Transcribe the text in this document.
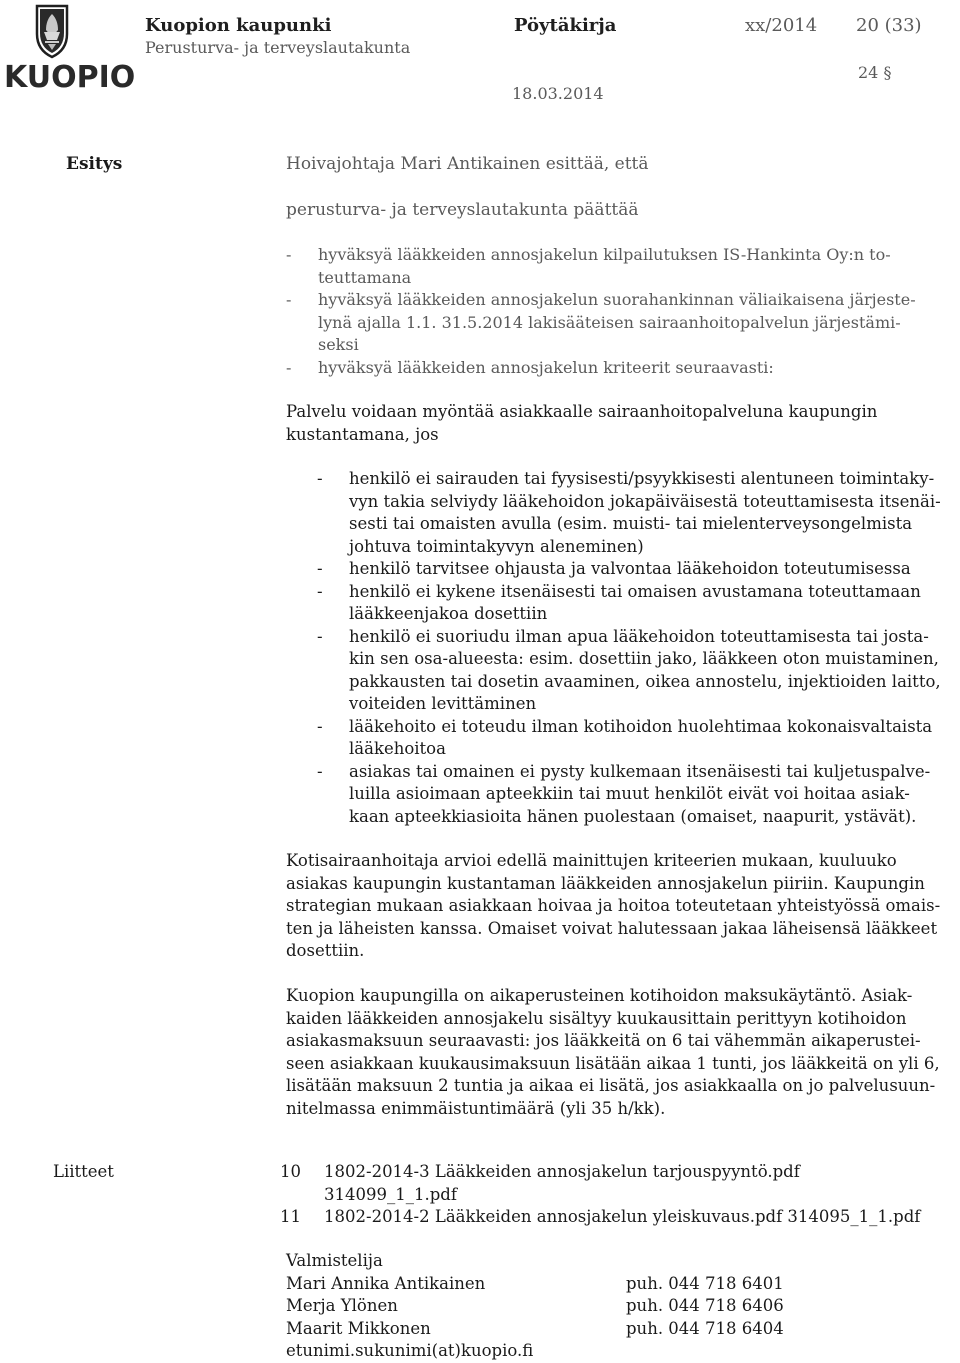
KUOPIO
Kuopion kaupunki
Perusturva- ja terveyslautakunta
Pöytäkirja	xx/2014 20 (33)
24 §
18.03.2014
Esitys	Hoivajohtaja Mari Antikainen esittää, että
perusturva- ja terveyslautakunta päättää
- hyväksyä lääkkeiden annosjakelun kilpailutuksen IS-Hankinta Oy:n to-
teuttamana
- hyväksyä lääkkeiden annosjakelun suorahankinnan väliaikaisena järjeste-
lynä ajalla 1.1. 31.5.2014 lakisääteisen sairaanhoitopalvelun järjestämi-
seksi
- hyväksyä lääkkeiden annosjakelun kriteerit seuraavasti:
Palvelu voidaan myöntää asiakkaalle sairaanhoitopalveluna kaupungin
kustantamana, jos
- henkilö ei sairauden tai fyysisesti/psyykkisesti alentuneen toimintaky-
vyn takia selviydy lääkehoidon jokapäiväisestä toteuttamisesta itsenäi-
sesti tai omaisten avulla (esim. muisti- tai mielenterveysongelmista
johtuva toimintakyvyn aleneminen)
- henkilö tarvitsee ohjausta ja valvontaa lääkehoidon toteutumisessa
- henkilö ei kykene itsenäisesti tai omaisen avustamana toteuttamaan
lääkkeenjakoa dosettiin
- henkilö ei suoriudu ilman apua lääkehoidon toteuttamisesta tai josta-
kin sen osa-alueesta: esim. dosettiin jako, lääkkeen oton muistaminen,
pakkausten tai dosetin avaaminen, oikea annostelu, injektioiden laitto,
voiteiden levittäminen
- lääkehoito ei toteudu ilman kotihoidon huolehtimaa kokonaisvaltaista
lääkehoitoa
- asiakas tai omainen ei pysty kulkemaan itsenäisesti tai kuljetuspalve-
luilla asioimaan apteekkiin tai muut henkilöt eivät voi hoitaa asiak-
kaan apteekkiasioita hänen puolestaan (omaiset, naapurit, ystävät).
Kotisairaanhoitaja arvioi edellä mainittujen kriteerien mukaan, kuuluuko
asiakas kaupungin kustantaman lääkkeiden annosjakelun piiriin. Kaupungin
strategian mukaan asiakkaan hoivaa ja hoitoa toteutetaan yhteistyössä omais-
ten ja läheisten kanssa. Omaiset voivat halutessaan jakaa läheisensä lääkkeet
dosettiin.
Kuopion kaupungilla on aikaperusteinen kotihoidon maksukäytäntö. Asiak-
kaiden lääkkeiden annosjakelu sisältyy kuukausittain perittyyn kotihoidon
asiakasmaksuun seuraavasti: jos lääkkeitä on 6 tai vähemmän aikaperustei-
seen asiakkaan kuukausimaksuun lisätään aikaa 1 tunti, jos lääkkeitä on yli 6,
lisätään maksuun 2 tuntia ja aikaa ei lisätä, jos asiakkaalla on jo palvelusuun-
nitelmassa enimmäistuntimäärä (yli 35 h/kk).
Liitteet	10 1802-2014-3 Lääkkeiden annosjakelun tarjouspyyntö.pdf
314099_1_1.pdf
11 1802-2014-2 Lääkkeiden annosjakelun yleiskuvaus.pdf 314095_1_1.pdf
Valmistelija
Mari Annika Antikainen	puh. 044 718 6401
Merja Ylönen	puh. 044 718 6406
Maarit Mikkonen	puh. 044 718 6404
etunimi.sukunimi(at)kuopio.fi
